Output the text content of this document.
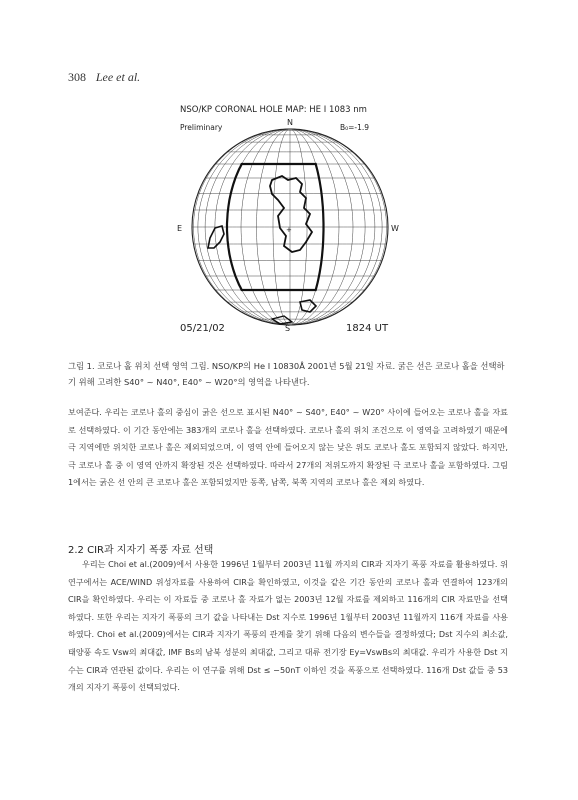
308 Lee et al.
NSO/KP CORONAL HOLE MAP: HE I 1083 nm
Preliminary	B₀=-1.9
N
S
E	W
05/21/02	1824 UT
+
그림 1. 코로나 홀 위치 선택 영역 그림. NSO/KP의 He I 10830Å 2001년 5월 21일 자료. 굵은 선은 코로나 홀을 선택하기 위해 고려한 S40° ~ N40°, E40° ~ W20°의 영역을 나타낸다.
보여준다. 우리는 코로나 홀의 중심이 굵은 선으로 표시된 N40° ~ S40°, E40° ~ W20° 사이에 들어오는 코로나 홀을 자료로 선택하였다. 이 기간 동안에는 383개의 코로나 홀을 선택하였다. 코로나 홀의 위치 조건으로 이 영역을 고려하였기 때문에 극 지역에만 위치한 코로나 홀은 제외되었으며, 이 영역 안에 들어오지 않는 낮은 위도 코로나 홀도 포함되지 않았다. 하지만, 극 코로나 홀 중 이 영역 안까지 확장된 것은 선택하였다. 따라서 27개의 저위도까지 확장된 극 코로나 홀을 포함하였다. 그림 1에서는 굵은 선 안의 큰 코로나 홀은 포함되었지만 동쪽, 남쪽, 북쪽 지역의 코로나 홀은 제외 하였다.
2.2 CIR과 지자기 폭풍 자료 선택
우리는 Choi et al.(2009)에서 사용한 1996년 1월부터 2003년 11월 까지의 CIR과 지자기 폭풍 자료를 활용하였다. 위 연구에서는 ACE/WIND 위성자료를 사용하여 CIR을 확인하였고, 이것을 같은 기간 동안의 코로나 홀과 연결하여 123개의 CIR을 확인하였다. 우리는 이 자료들 중 코로나 홀 자료가 없는 2003년 12월 자료를 제외하고 116개의 CIR 자료만을 선택하였다. 또한 우리는 지자기 폭풍의 크기 값을 나타내는 Dst 지수로 1996년 1월부터 2003년 11월까지 116개 자료를 사용하였다. Choi et al.(2009)에서는 CIR과 지자기 폭풍의 관계를 찾기 위해 다음의 변수들을 결정하였다; Dst 지수의 최소값, 태양풍 속도 Vsw의 최대값, IMF Bs의 남북 성분의 최대값, 그리고 대류 전기장 Ey=VswBs의 최대값. 우리가 사용한 Dst 지수는 CIR과 연관된 값이다. 우리는 이 연구를 위해 Dst ≤ −50nT 이하인 것을 폭풍으로 선택하였다. 116개 Dst 값들 중 53개의 지자기 폭풍이 선택되었다.
